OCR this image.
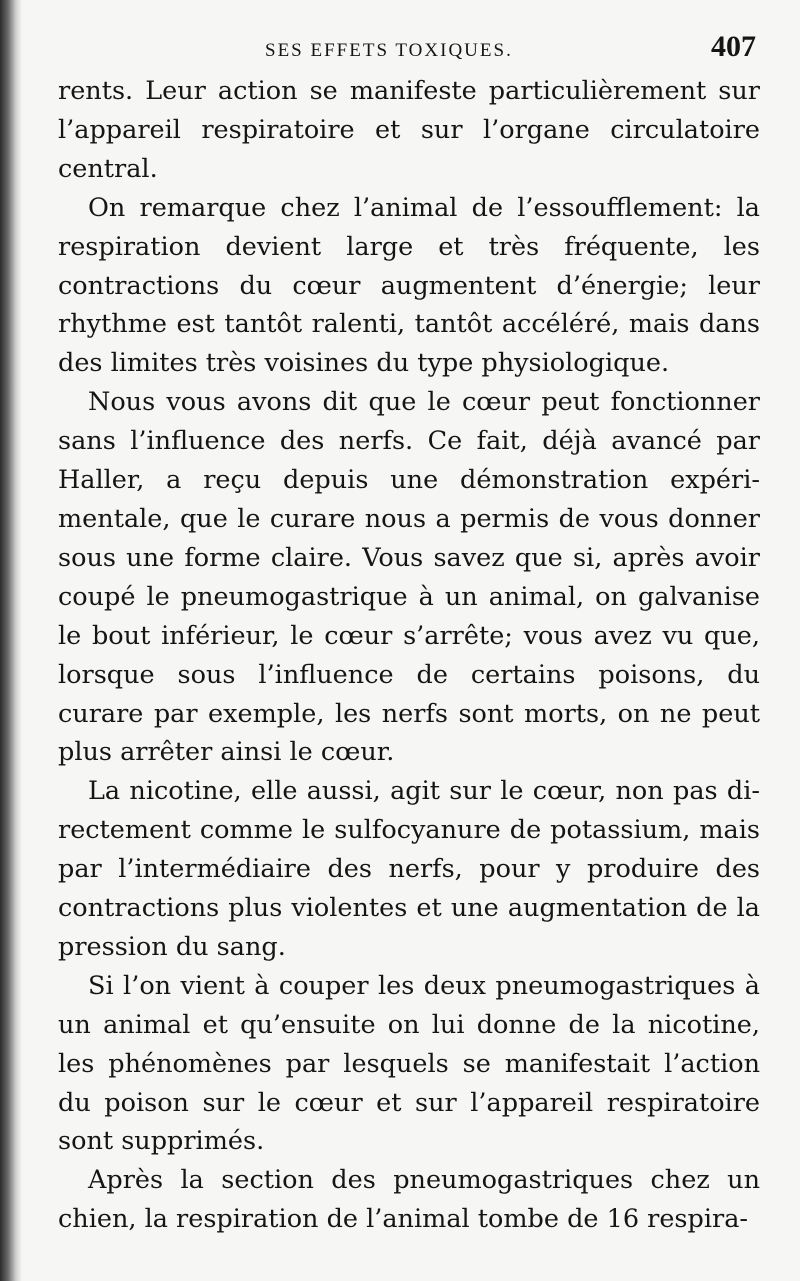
SES EFFETS TOXIQUES.	407

rents. Leur action se manifeste particulièrement sur l’appareil respiratoire et sur l’organe circulatoire central.

On remarque chez l’animal de l’essoufflement: la respiration devient large et très fréquente, les contractions du cœur augmentent d’énergie; leur rhythme est tantôt ralenti, tantôt accéléré, mais dans des limites très voisines du type physiologique.

Nous vous avons dit que le cœur peut fonctionner sans l’influence des nerfs. Ce fait, déjà avancé par Haller, a reçu depuis une démonstration expérimentale, que le curare nous a permis de vous donner sous une forme claire. Vous savez que si, après avoir coupé le pneumogastrique à un animal, on galvanise le bout inférieur, le cœur s’arrête; vous avez vu que, lorsque sous l’influence de certains poisons, du curare par exemple, les nerfs sont morts, on ne peut plus arrêter ainsi le cœur.

La nicotine, elle aussi, agit sur le cœur, non pas directement comme le sulfocyanure de potassium, mais par l’intermédiaire des nerfs, pour y produire des contractions plus violentes et une augmentation de la pression du sang.

Si l’on vient à couper les deux pneumogastriques à un animal et qu’ensuite on lui donne de la nicotine, les phénomènes par lesquels se manifestait l’action du poison sur le cœur et sur l’appareil respiratoire sont supprimés.

Après la section des pneumogastriques chez un chien, la respiration de l’animal tombe de 16 respira-
